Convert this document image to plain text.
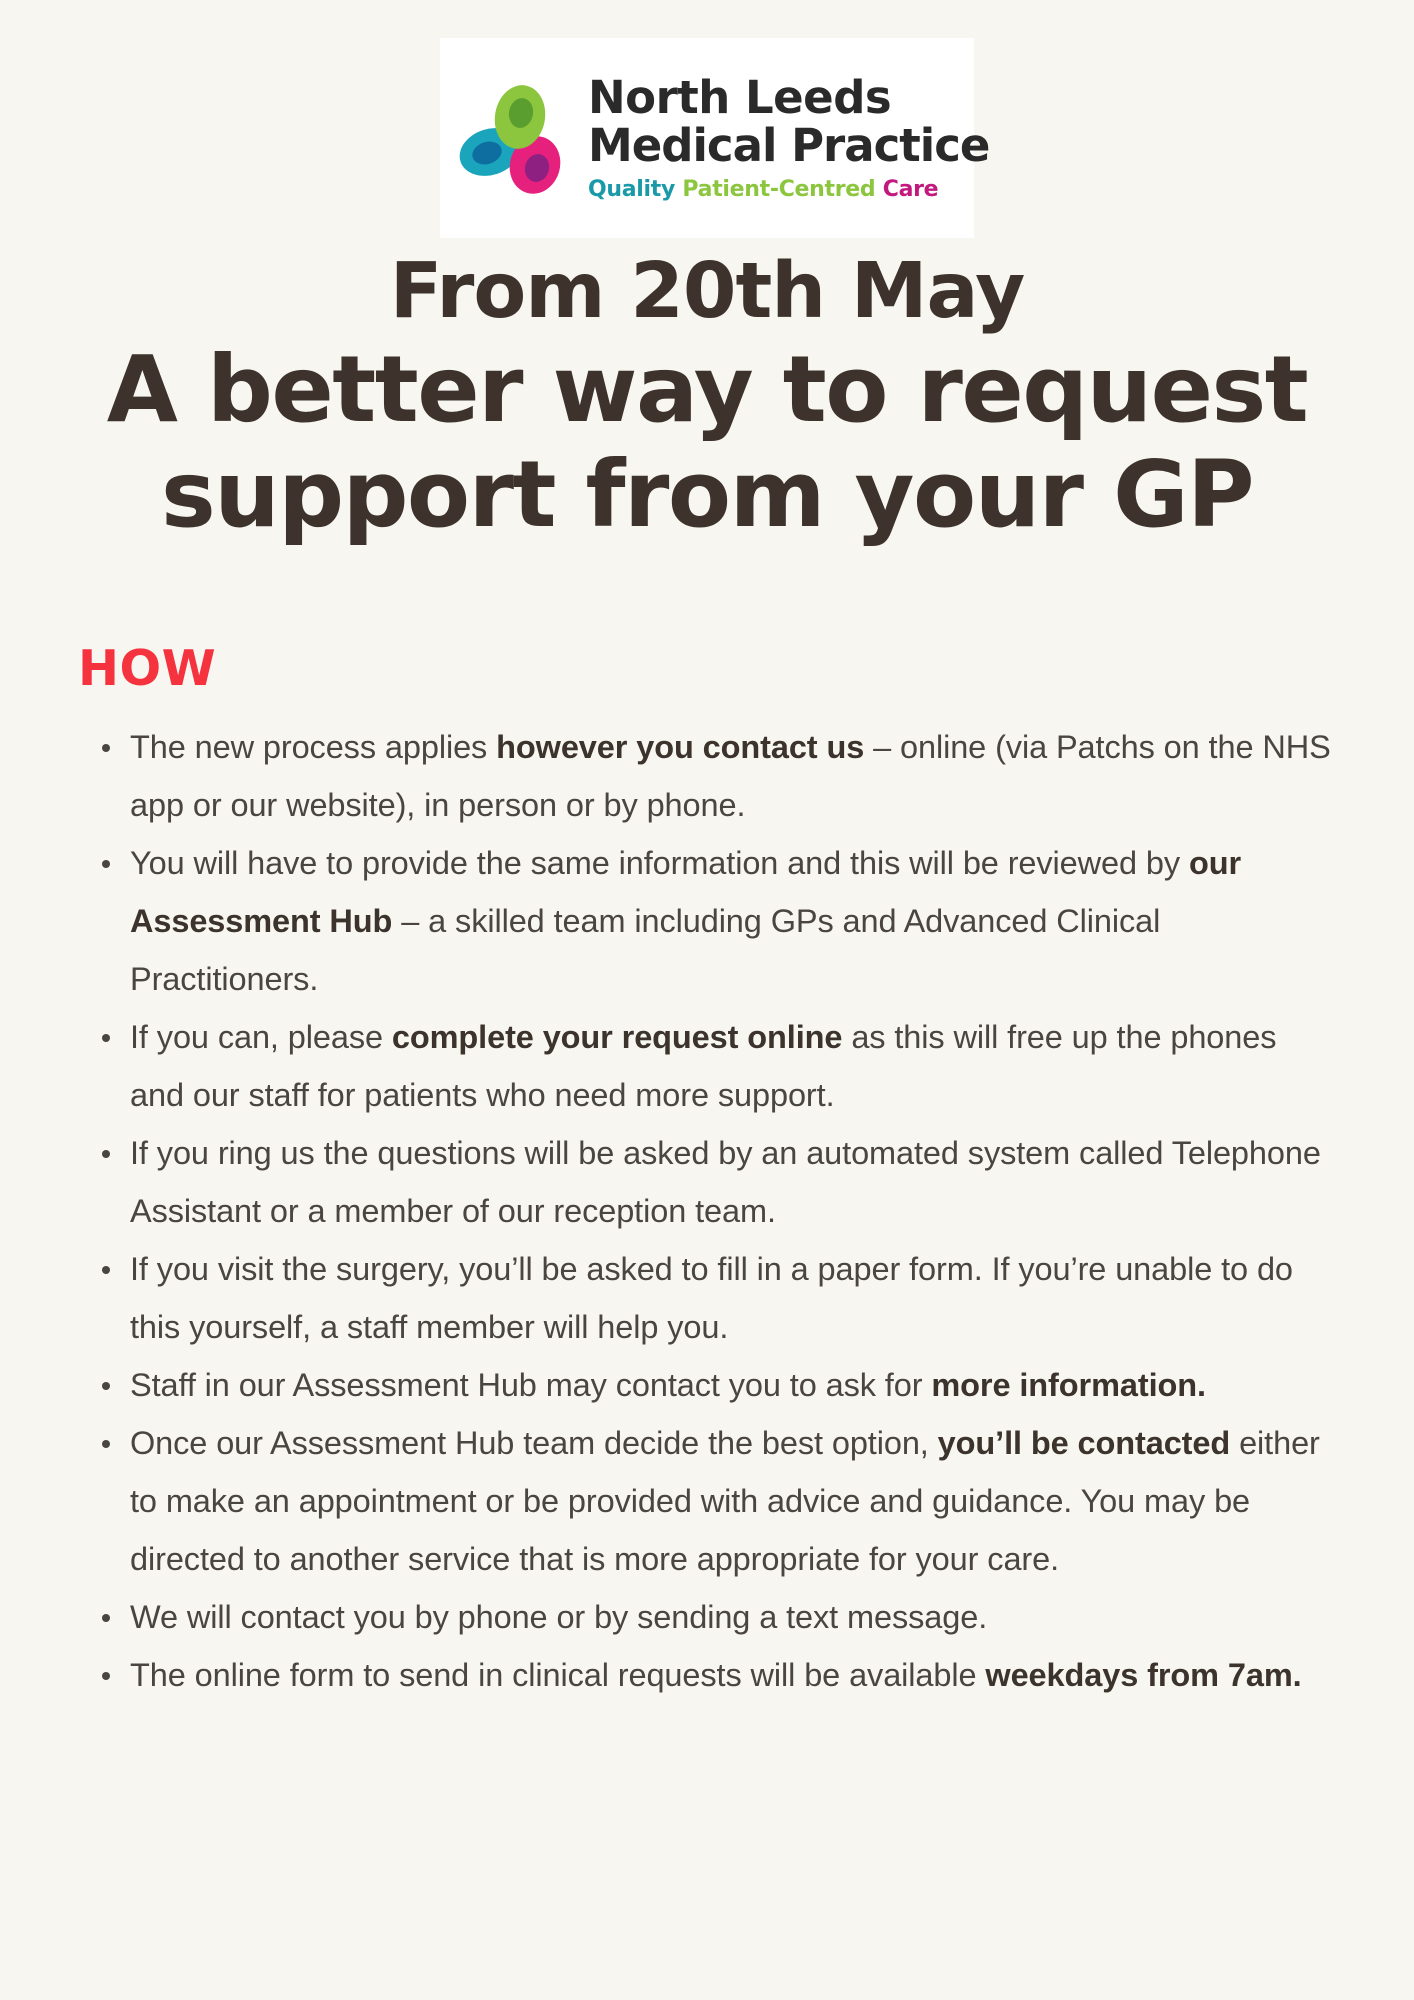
North Leeds
Medical Practice
Quality Patient-Centred Care
From 20th May
A better way to request
support from your GP
HOW
The new process applies however you contact us – online (via Patchs on the NHS app or our website), in person or by phone.
You will have to provide the same information and this will be reviewed by our Assessment Hub – a skilled team including GPs and Advanced Clinical Practitioners.
If you can, please complete your request online as this will free up the phones and our staff for patients who need more support.
If you ring us the questions will be asked by an automated system called Telephone Assistant or a member of our reception team.
If you visit the surgery, you’ll be asked to fill in a paper form. If you’re unable to do this yourself, a staff member will help you.
Staff in our Assessment Hub may contact you to ask for more information.
Once our Assessment Hub team decide the best option, you’ll be contacted either to make an appointment or be provided with advice and guidance. You may be directed to another service that is more appropriate for your care.
We will contact you by phone or by sending a text message.
The online form to send in clinical requests will be available weekdays from 7am.
